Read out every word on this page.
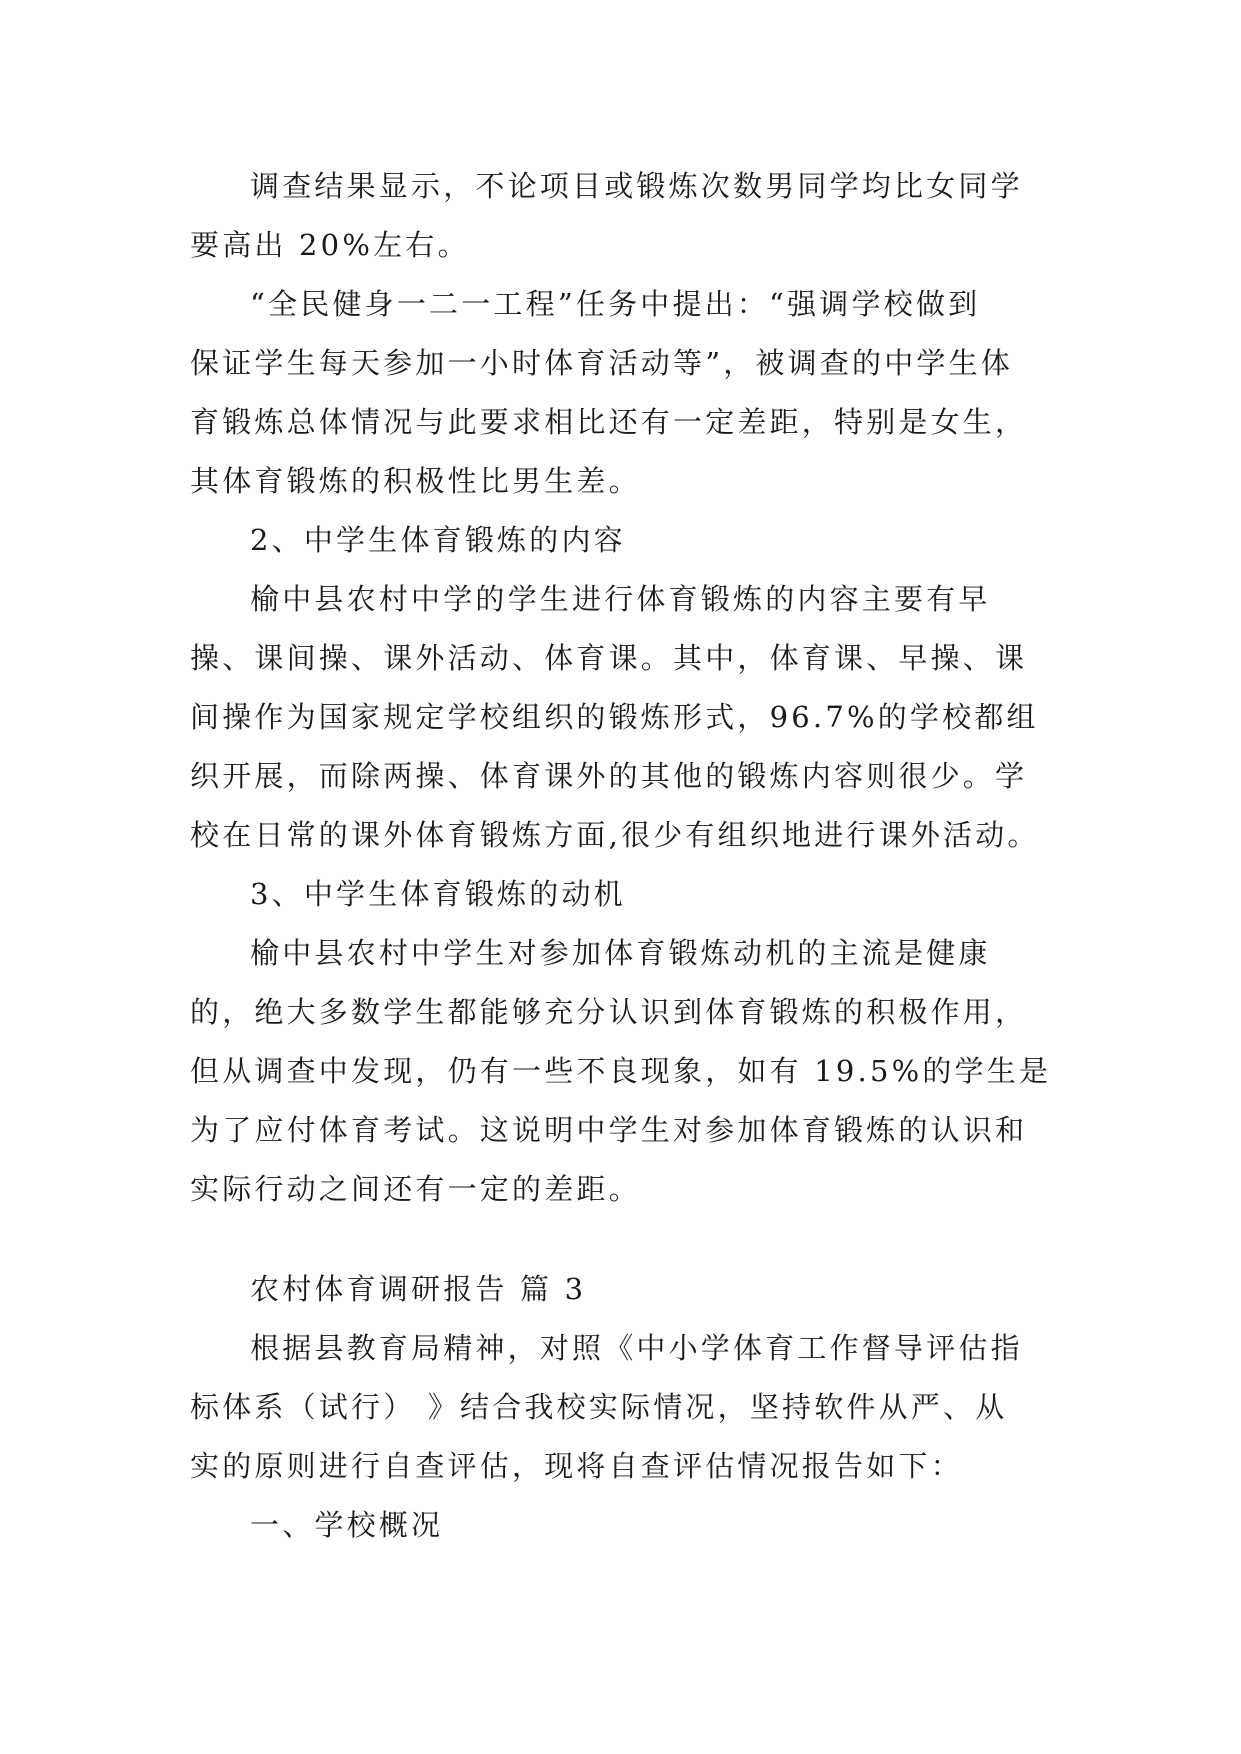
调查结果显示，不论项目或锻炼次数男同学均比女同学
要高出 20%左右。
“全民健身一二一工程”任务中提出：“强调学校做到
保证学生每天参加一小时体育活动等”，被调查的中学生体
育锻炼总体情况与此要求相比还有一定差距，特别是女生，
其体育锻炼的积极性比男生差。
2、中学生体育锻炼的内容
榆中县农村中学的学生进行体育锻炼的内容主要有早
操、课间操、课外活动、体育课。其中，体育课、早操、课
间操作为国家规定学校组织的锻炼形式，96.7%的学校都组
织开展，而除两操、体育课外的其他的锻炼内容则很少。学
校在日常的课外体育锻炼方面,很少有组织地进行课外活动。
3、中学生体育锻炼的动机
榆中县农村中学生对参加体育锻炼动机的主流是健康
的，绝大多数学生都能够充分认识到体育锻炼的积极作用，
但从调查中发现，仍有一些不良现象，如有 19.5%的学生是
为了应付体育考试。这说明中学生对参加体育锻炼的认识和
实际行动之间还有一定的差距。
农村体育调研报告 篇 3
根据县教育局精神，对照《中小学体育工作督导评估指
标体系（试行） 》结合我校实际情况，坚持软件从严、从
实的原则进行自查评估，现将自查评估情况报告如下：
一、学校概况
